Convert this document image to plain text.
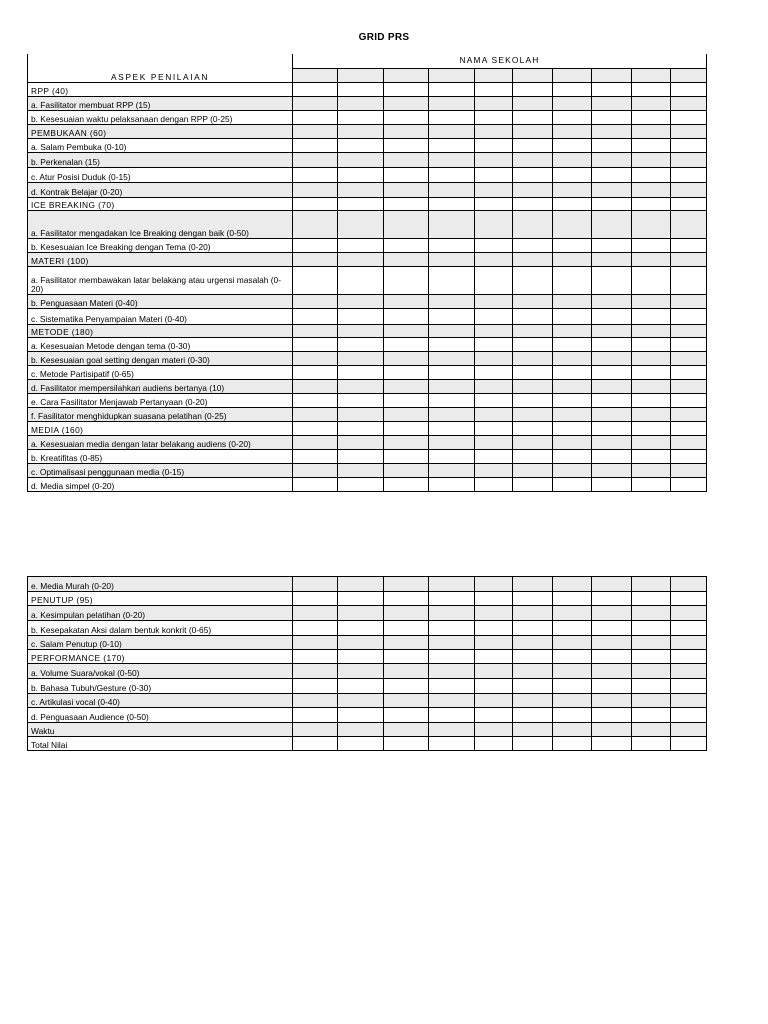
GRID PRS
ASPEK PENILAIAN	NAMA SEKOLAH									

RPP (40)										
a. Fasilitator membuat RPP (15)										
b. Kesesuaian waktu pelaksanaan dengan RPP (0-25)										
PEMBUKAAN (60)										
a. Salam Pembuka (0-10)										
b. Perkenalan (15)										
c. Atur Posisi Duduk (0-15)										
d. Kontrak Belajar (0-20)										
ICE BREAKING (70)										
a. Fasilitator mengadakan Ice Breaking dengan baik (0-50)										
b. Kesesuaian Ice Breaking dengan Tema (0-20)										
MATERI (100)										
a. Fasilitator membawakan latar belakang atau urgensi masalah (0-20)										
b. Penguasaan Materi (0-40)										
c. Sistematika Penyampaian Materi (0-40)										
METODE (180)										
a. Kesesuaian Metode dengan tema (0-30)										
b. Kesesuaian goal setting dengan materi (0-30)										
c. Metode Partisipatif (0-65)										
d. Fasilitator mempersilahkan audiens bertanya (10)										
e. Cara Fasilitator Menjawab Pertanyaan (0-20)										
f. Fasilitator menghidupkan suasana pelatihan (0-25)										
MEDIA (160)										
a. Kesesuaian media dengan latar belakang audiens (0-20)										
b. Kreatifitas (0-85)										
c. Optimalisasi penggunaan media (0-15)										
d. Media simpel (0-20)										
e. Media Murah (0-20)										
PENUTUP (95)										
a. Kesimpulan pelatihan (0-20)										
b. Kesepakatan Aksi dalam bentuk konkrit (0-65)										
c. Salam Penutup (0-10)										
PERFORMANCE (170)										
a. Volume Suara/vokal (0-50)										
b. Bahasa Tubuh/Gesture (0-30)										
c. Artikulasi vocal (0-40)										
d. Penguasaan Audience (0-50)										
Waktu										
Total Nilai										
